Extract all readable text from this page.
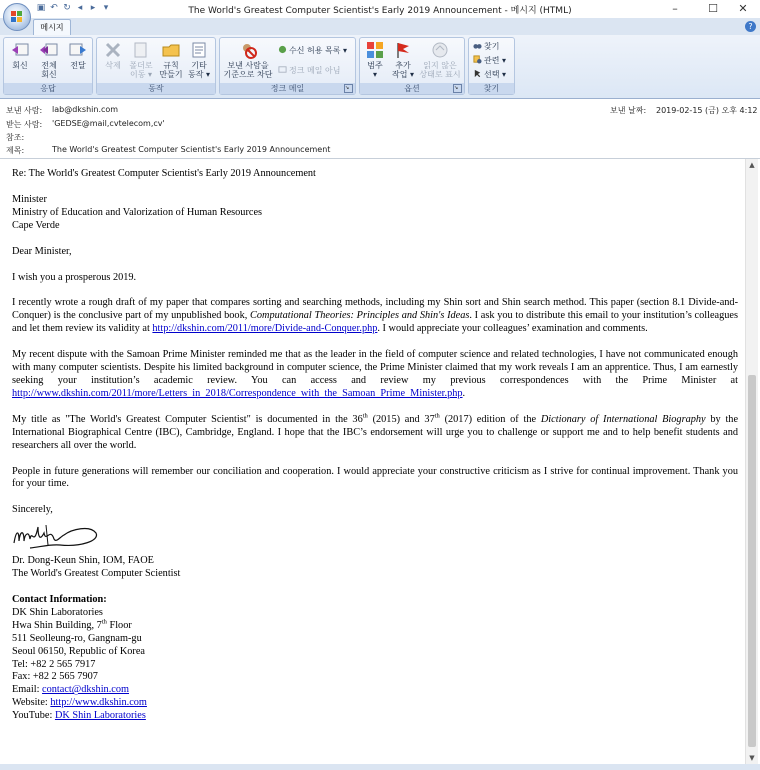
The World's Greatest Computer Scientist's Early 2019 Announcement - 메시지 (HTML)	–	☐	✕
▣ ↶ ↻ ◂ ▸ ▾
메시지	?
회신	전체
회신
전달
응답
삭제	폴더로
이동 ▾
규칙
만들기
기타
동작 ▾
동작
보낸 사람을
기준으로 차단
수신 허용 목록 ▾
정크 메일 아님
정크 메일	↘
범주
▾
추가
작업 ▾
읽지 않은
상태로 표시
옵션	↘
찾기
관련 ▾
선택 ▾
찾기
보낸 사람: lab@dkshin.com
받는 사람: 'GEDSE@mail,cvtelecom,cv'
참조:
제목:	The World's Greatest Computer Scientist's Early 2019 Announcement
보낸 날짜: 2019-02-15 (금) 오후 4:12

Re: The World's Greatest Computer Scientist's Early 2019 Announcement

Minister
Ministry of Education and Valorization of Human Resources
Cape Verde

Dear Minister,

I wish you a prosperous 2019.

I recently wrote a rough draft of my paper that compares sorting and searching methods, including my Shin sort and Shin search method. This paper (section 8.1 Divide-and-Conquer) is the conclusive part of my unpublished book, Computational Theories: Principles and Shin's Ideas. I ask you to distribute this email to your institution’s colleagues and let them review its validity at http://dkshin.com/2011/more/Divide-and-Conquer.php. I would appreciate your colleagues’ examination and comments.

My recent dispute with the Samoan Prime Minister reminded me that as the leader in the field of computer science and related technologies, I have not communicated enough with many computer scientists. Despite his limited background in computer science, the Prime Minister claimed that my work reveals I am an apprentice. Thus, I am earnestly seeking your institution’s academic review. You can access and review my previous correspondences with the Prime Minister at http://www.dkshin.com/2011/more/Letters_in_2018/Correspondence_with_the_Samoan_Prime_Minister.php.

My title as "The World's Greatest Computer Scientist" is documented in the 36th (2015) and 37th (2017) edition of the Dictionary of International Biography by the International Biographical Centre (IBC), Cambridge, England. I hope that the IBC’s endorsement will urge you to challenge or support me and to help benefit students and researchers all over the world.

People in future generations will remember our conciliation and cooperation. I would appreciate your constructive criticism as I strive for continual improvement. Thank you for your time.

Sincerely,

Dr. Dong-Keun Shin, IOM, FAOE
The World's Greatest Computer Scientist

Contact Information:
DK Shin Laboratories
Hwa Shin Building, 7th Floor
511 Seolleung-ro, Gangnam-gu
Seoul 06150, Republic of Korea
Tel: +82 2 565 7917
Fax: +82 2 565 7907
Email: contact@dkshin.com
Website: http://www.dkshin.com
YouTube: DK Shin Laboratories

▲
▼
